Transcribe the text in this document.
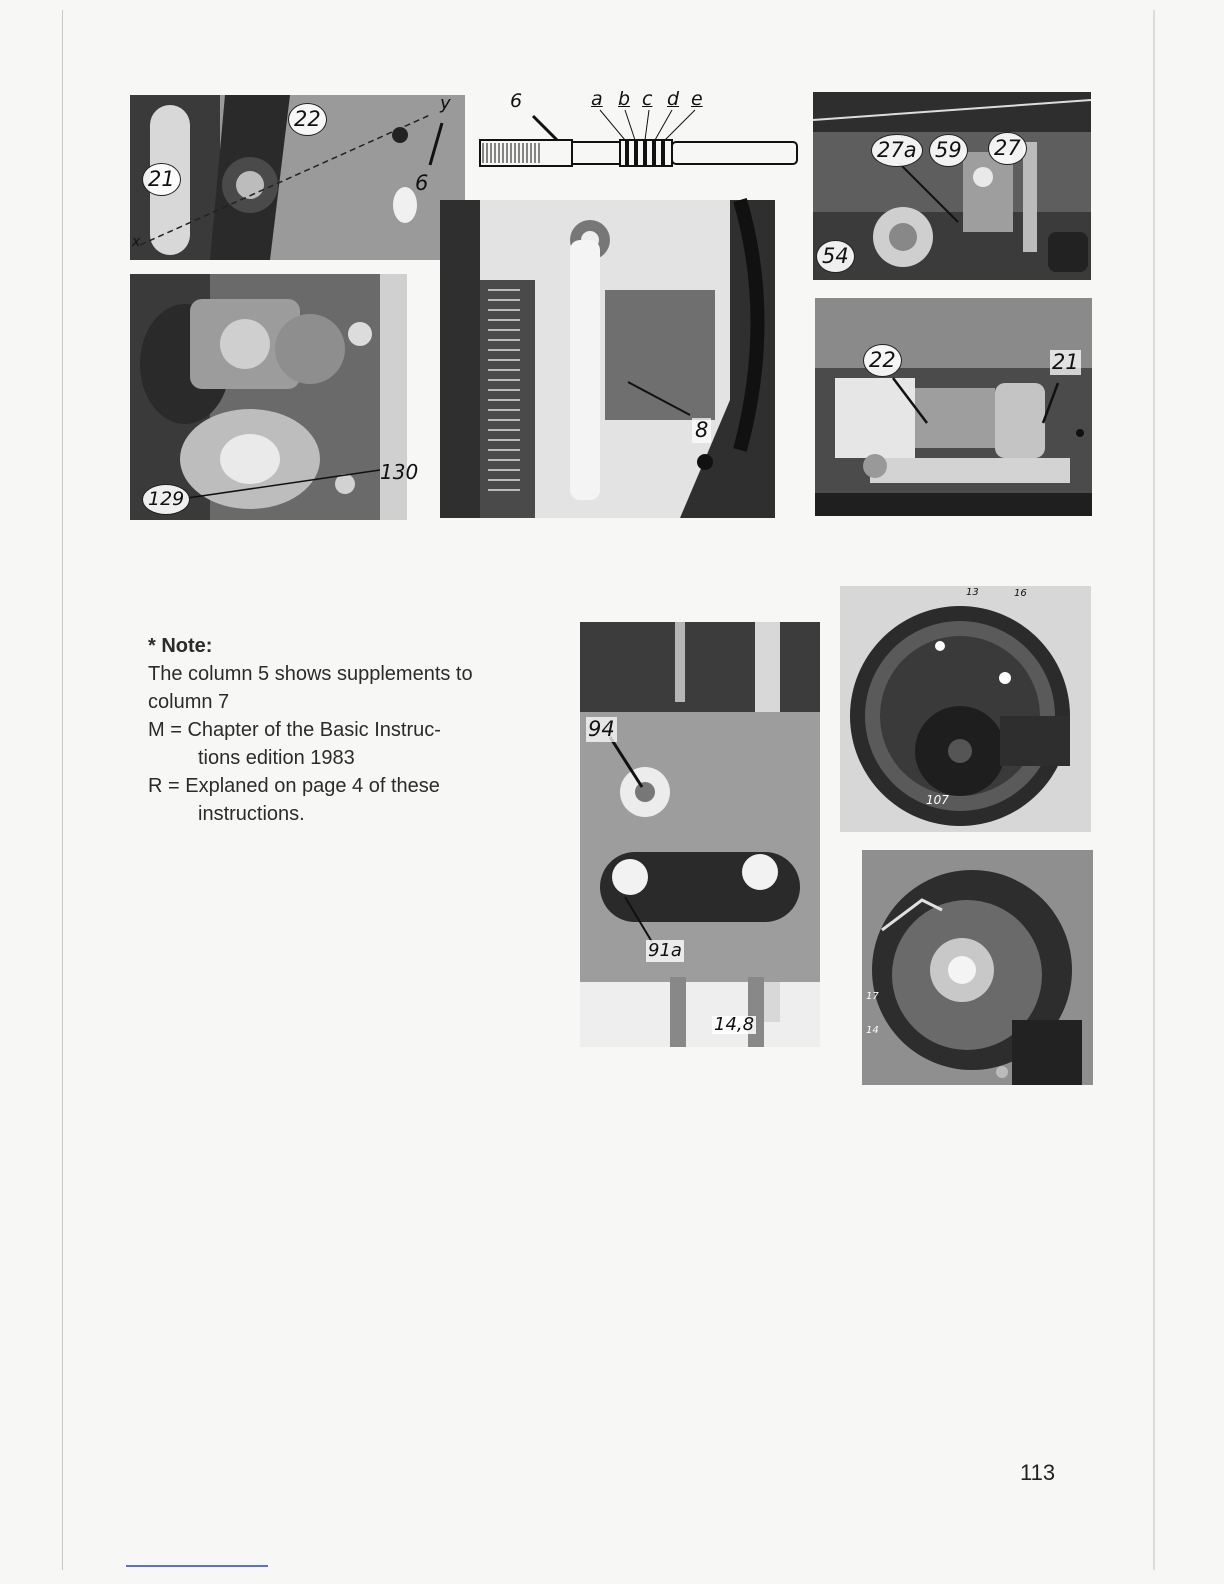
22
21	6
y
x
6	a b c d e
27a 59 27
54
129
130
8
22	21
94
91a
14,8
13	16
107
17
14
* Note:
The column 5 shows supplements to column 7
M = Chapter of the Basic Instruc-
tions edition 1983
R = Explaned on page 4 of these
instructions.
113
